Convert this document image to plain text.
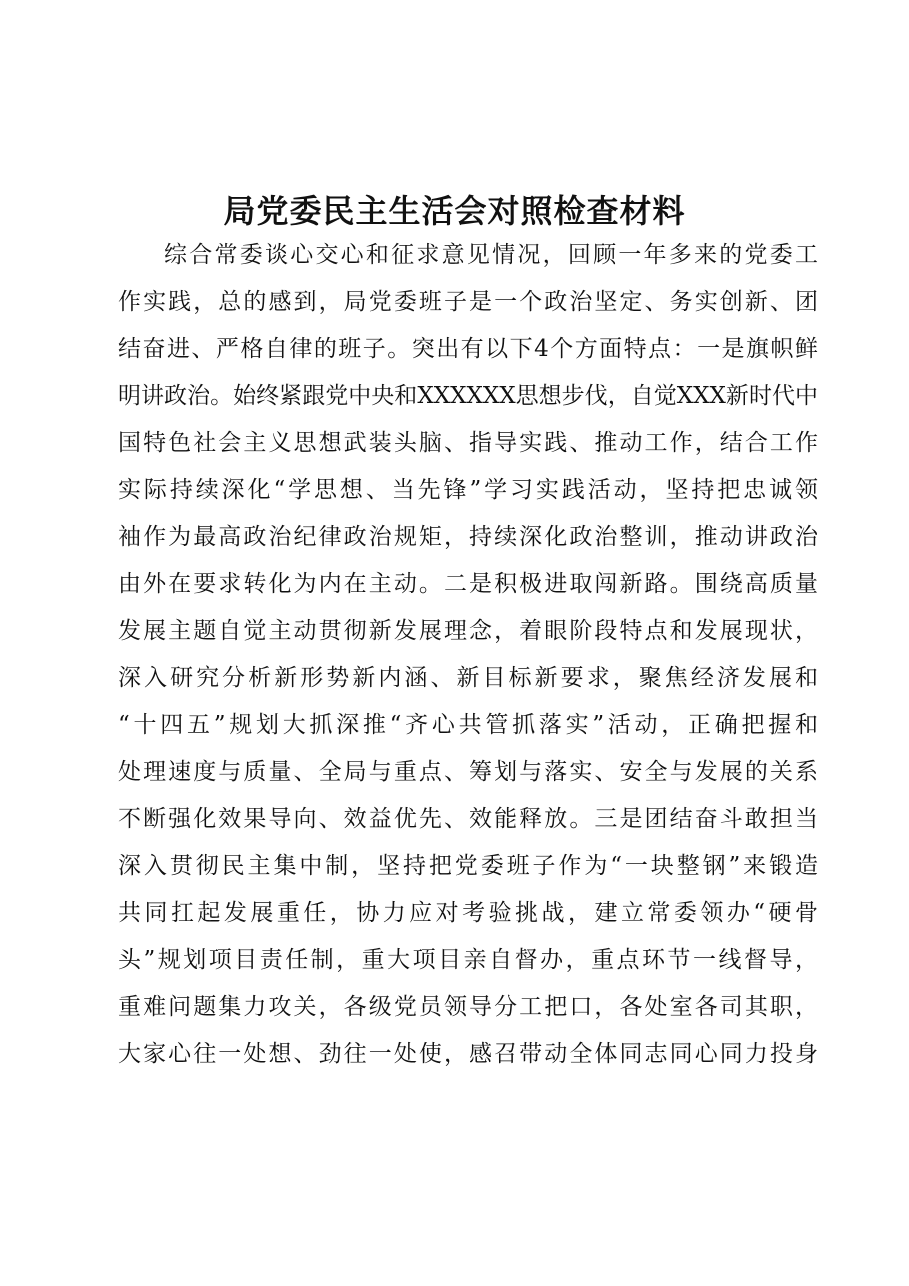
局党委民主生活会对照检查材料
综合常委谈心交心和征求意见情况，回顾一年多来的党委工
作实践，总的感到，局党委班子是一个政治坚定、务实创新、团
结奋进、严格自律的班子。突出有以下4个方面特点：一是旗帜鲜
明讲政治。始终紧跟党中央和XXXXXX思想步伐，自觉XXX新时代中
国特色社会主义思想武装头脑、指导实践、推动工作，结合工作
实际持续深化“学思想、当先锋”学习实践活动，坚持把忠诚领
袖作为最高政治纪律政治规矩，持续深化政治整训，推动讲政治
由外在要求转化为内在主动。二是积极进取闯新路。围绕高质量
发展主题自觉主动贯彻新发展理念，着眼阶段特点和发展现状，
深入研究分析新形势新内涵、新目标新要求，聚焦经济发展和
“十四五”规划大抓深推“齐心共管抓落实”活动，正确把握和
处理速度与质量、全局与重点、筹划与落实、安全与发展的关系
不断强化效果导向、效益优先、效能释放。三是团结奋斗敢担当
深入贯彻民主集中制，坚持把党委班子作为“一块整钢”来锻造
共同扛起发展重任，协力应对考验挑战，建立常委领办“硬骨
头”规划项目责任制，重大项目亲自督办，重点环节一线督导，
重难问题集力攻关，各级党员领导分工把口，各处室各司其职，
大家心往一处想、劲往一处使，感召带动全体同志同心同力投身
